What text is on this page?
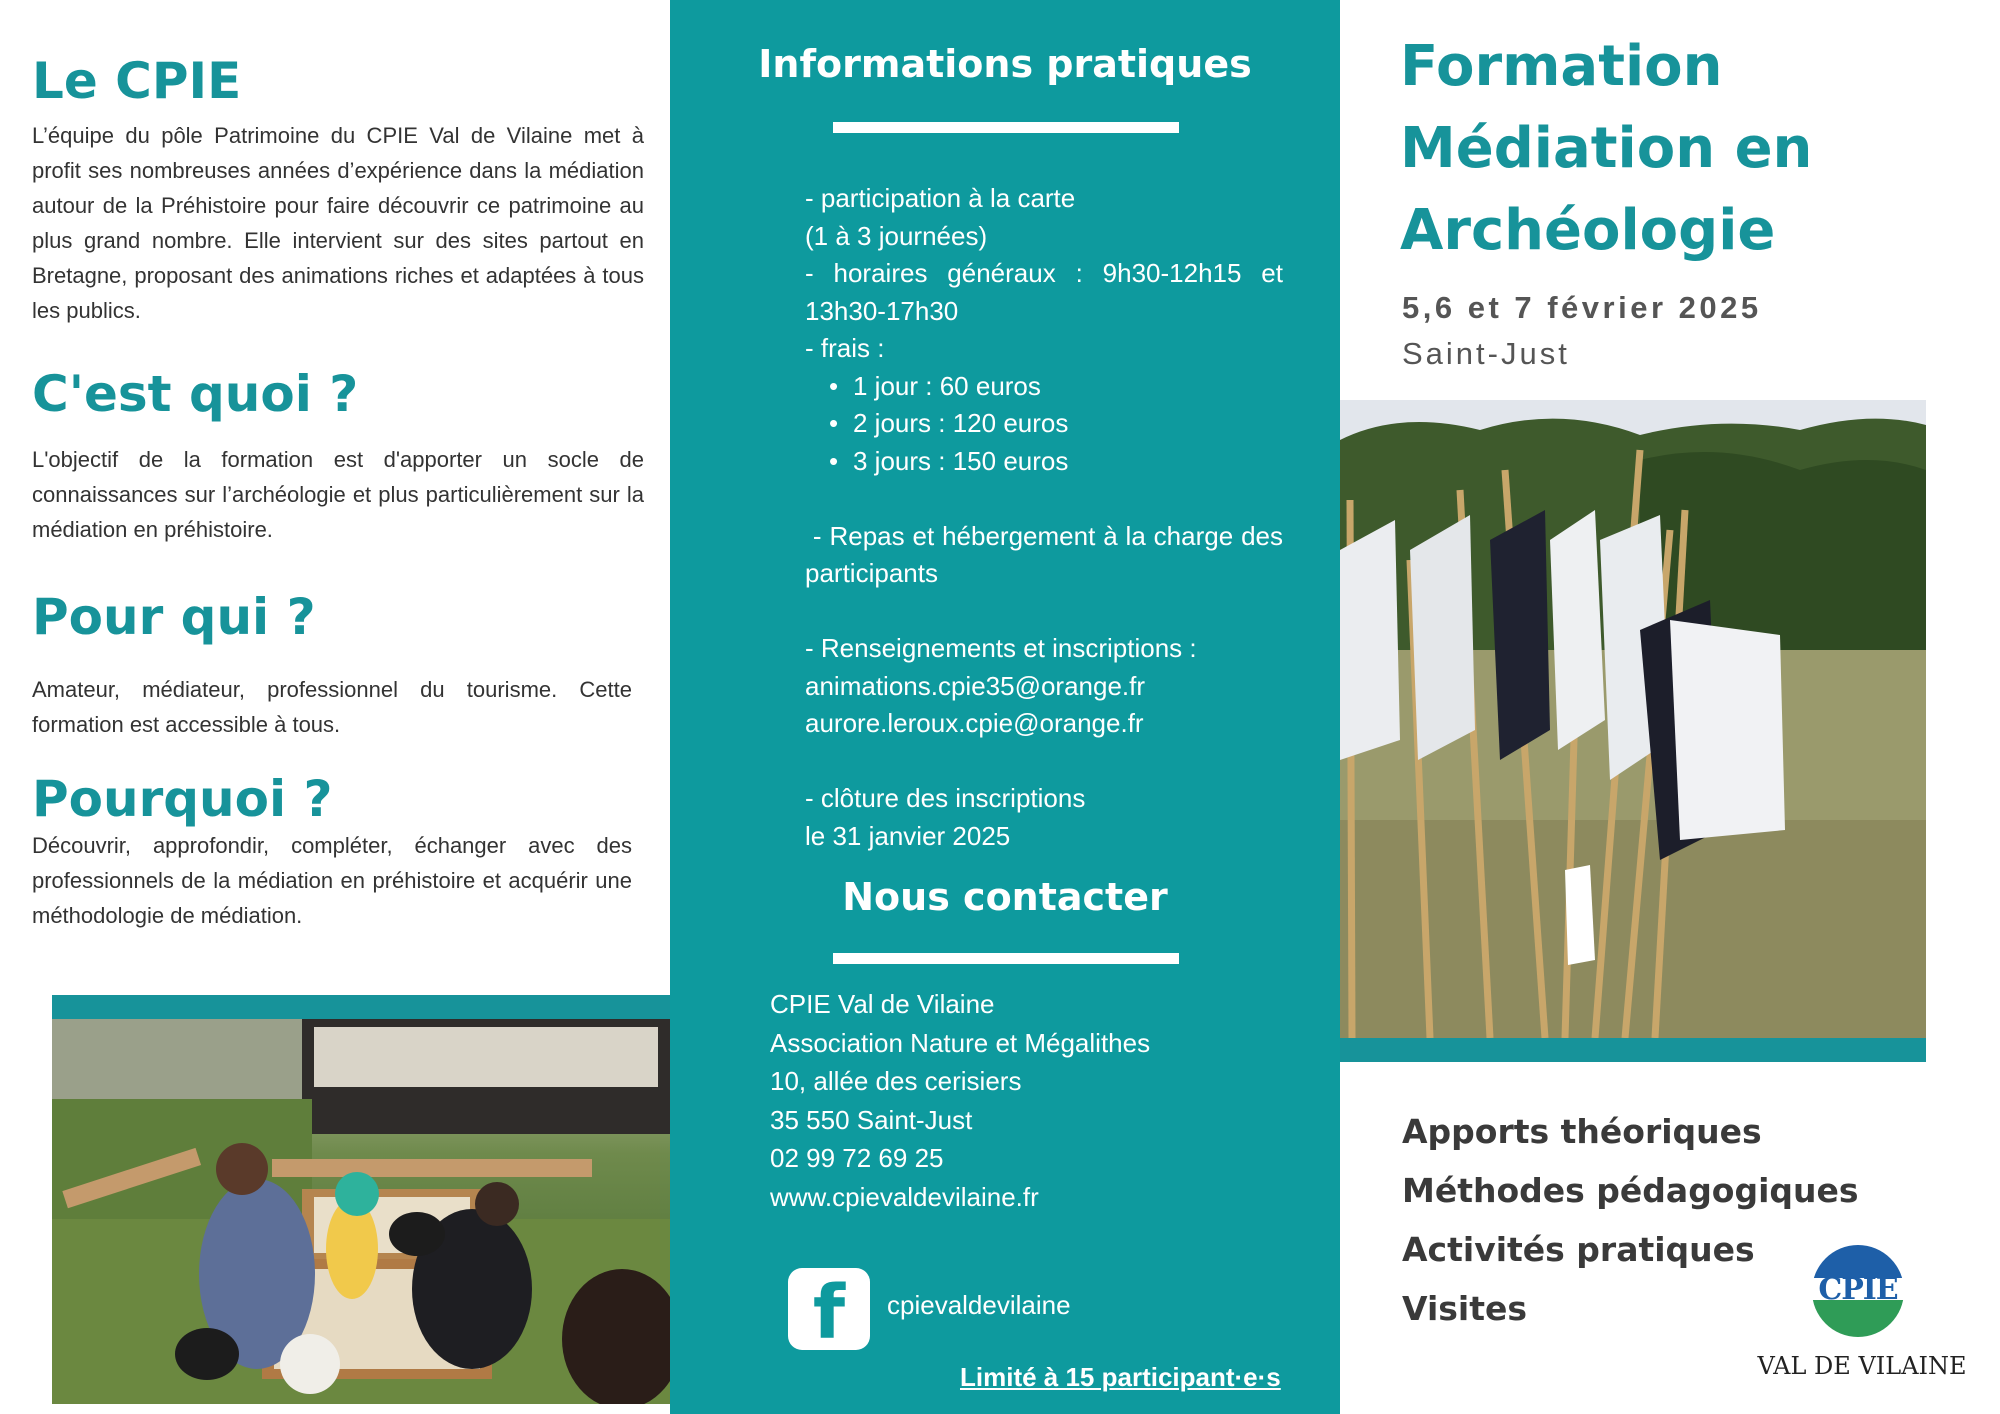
Le CPIE

L’équipe du pôle Patrimoine du CPIE Val de Vilaine met à profit ses nombreuses années d’expérience dans la médiation autour de la Préhistoire pour faire découvrir ce patrimoine au plus grand nombre. Elle intervient sur des sites partout en Bretagne, proposant des animations riches et adaptées à tous les publics.

C'est quoi ?

L'objectif de la formation est d'apporter un socle de connaissances sur l’archéologie et plus particulièrement sur la médiation en préhistoire.

Pour qui ?

Amateur, médiateur, professionnel du tourisme. Cette formation est accessible à tous.

Pourquoi ?

Découvrir, approfondir, compléter, échanger avec des professionnels de la médiation en préhistoire et acquérir une méthodologie de médiation.

Informations pratiques
- participation à la carte
(1 à 3 journées)
- horaires généraux : 9h30-12h15 et 13h30-17h30
- frais :
• 1 jour : 60 euros
• 2 jours : 120 euros
• 3 jours : 150 euros
- Repas et hébergement à la charge des participants
- Renseignements et inscriptions :
animations.cpie35@orange.fr
aurore.leroux.cpie@orange.fr
- clôture des inscriptions
le 31 janvier 2025
Nous contacter
CPIE Val de Vilaine
Association Nature et Mégalithes
10, allée des cerisiers
35 550 Saint-Just
02 99 72 69 25
www.cpievaldevilaine.fr
f	cpievaldevilaine

Limité à 15 participant·e·s

Formation
Médiation en
Archéologie

5,6 et 7 février 2025

Saint-Just

Apports théoriques
Méthodes pédagogiques
Activités pratiques
Visites	CPIE

VAL DE VILAINE
